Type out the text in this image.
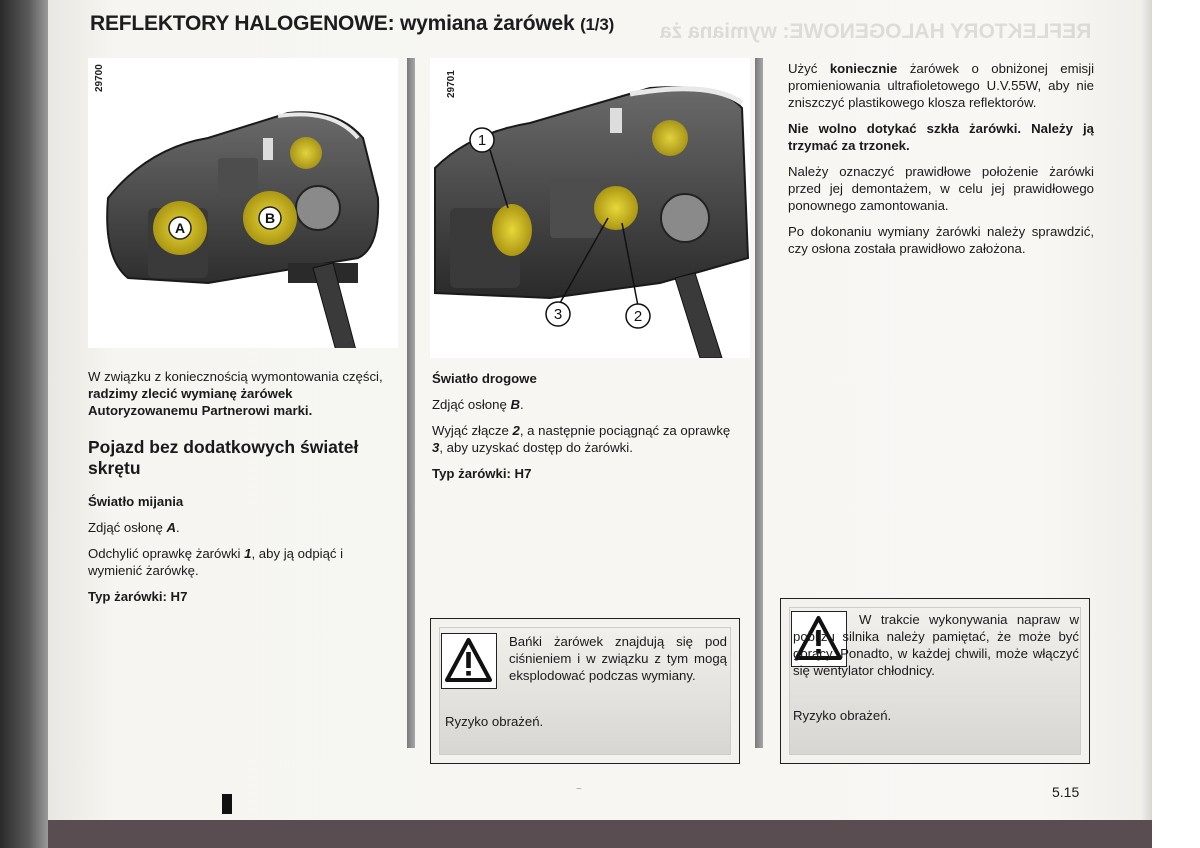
REFLEKTORY HALOGENOWE: wymiana żarówek (1/3) REFLEKTORY HALOGENOWE: wymiana ża
A
B
29700
1
3	2
29701

W związku z koniecznością wymontowania części, radzimy zlecić wymianę żarówek Autoryzowanemu Partnerowi marki.

Pojazd bez dodatkowych świateł skrętu

Światło mijania

Zdjąć osłonę A.

Odchylić oprawkę żarówki 1, aby ją odpiąć i wymienić żarówkę.

Typ żarówki: H7

Światło drogowe

Zdjąć osłonę B.

Wyjąć złącze 2, a następnie pociągnąć za oprawkę 3, aby uzyskać dostęp do żarówki.

Typ żarówki: H7

Użyć koniecznie żarówek o obniżonej emisji promieniowania ultrafioletowego U.V.55W, aby nie zniszczyć plastikowego klosza reflektorów.

Nie wolno dotykać szkła żarówki. Należy ją trzymać za trzonek.

Należy oznaczyć prawidłowe położenie żarówki przed jej demontażem, w celu jej prawidłowego ponownego zamontowania.

Po dokonaniu wymiany żarówki należy sprawdzić, czy osłona została prawidłowo założona.

Bańki żarówek znajdują się pod ciśnieniem i w związku z tym mogą eksplodować podczas wymiany.
Ryzyko obrażeń.
W trakcie wykonywania napraw w pobliżu silnika należy pamiętać, że może być gorący. Ponadto, w każdej chwili, może włączyć się wentylator chłodnicy.
Ryzyko obrażeń.
~	5.15
